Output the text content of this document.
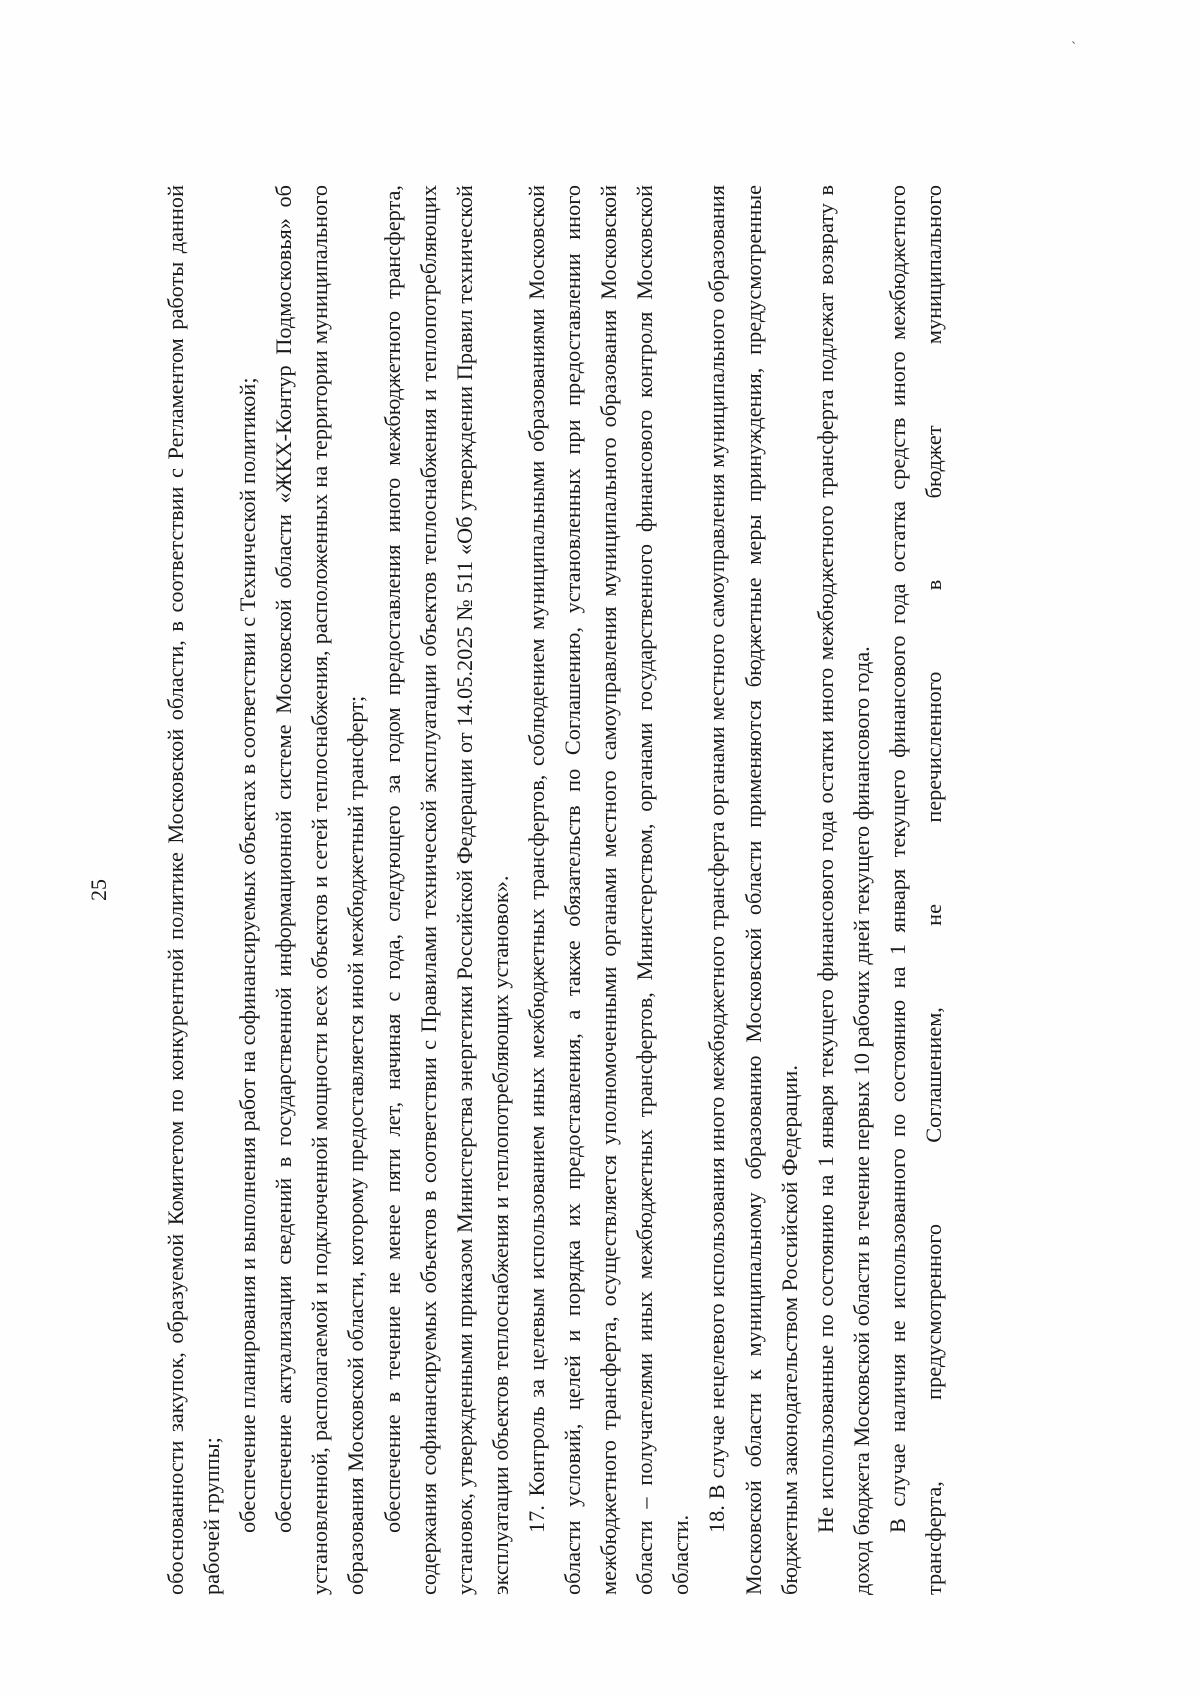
25 обоснованности закупок, образуемой Комитетом по конкурентной политике Московской области, в соответствии с Регламентом работы данной рабочей группы; обеспечение планирования и выполнения работ на софинансируемых объектах в соответствии с Технической политикой; обеспечение актуализации сведений в государственной информационной системе Московской области «ЖКХ-Контур Подмосковья» об установленной, располагаемой и подключенной мощности всех объектов и сетей теплоснабжения, расположенных на территории муниципального образования Московской области, которому предоставляется иной межбюджетный трансферт; обеспечение в течение не менее пяти лет, начиная с года, следующего за годом предоставления иного межбюджетного трансферта, содержания софинансируемых объектов в соответствии с Правилами технической эксплуатации объектов теплоснабжения и теплопотребляющих установок, утвержденными приказом Министерства энергетики Российской Федерации от 14.05.2025 № 511 «Об утверждении Правил технической эксплуатации объектов теплоснабжения и теплопотребляющих установок». 17. Контроль за целевым использованием иных межбюджетных трансфертов, соблюдением муниципальными образованиями Московской области условий, целей и порядка их предоставления, а также обязательств по Соглашению, установленных при предоставлении иного межбюджетного трансферта, осуществляется уполномоченными органами местного самоуправления муниципального образования Московской области – получателями иных межбюджетных трансфертов, Министерством, органами государственного финансового контроля Московской области.

18. В случае нецелевого использования иного межбюджетного трансферта органами местного самоуправления муниципального образования Московской области к муниципальному образованию Московской области применяются бюджетные меры принуждения, предусмотренные бюджетным законодательством Российской Федерации. Не использованные по состоянию на 1 января текущего финансового года остатки иного межбюджетного трансферта подлежат возврату в доход бюджета Московской области в течение первых 10 рабочих дней текущего финансового года. В случае наличия не использованного по состоянию на 1 января текущего финансового года остатка средств иного межбюджетного трансферта, предусмотренного Соглашением, не перечисленного в бюджет муниципального
